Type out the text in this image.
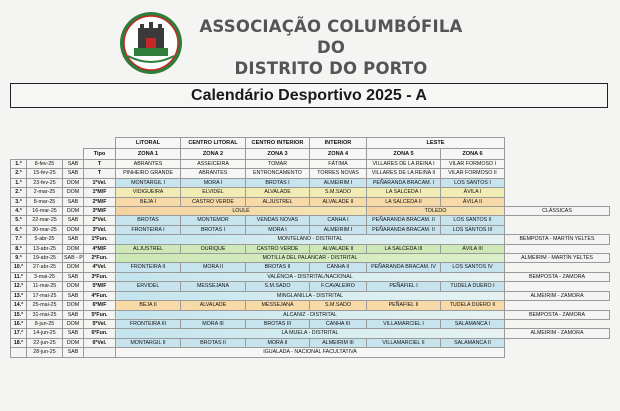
ASSOCIAÇÃO COLUMBÓFILA DO
DISTRITO DO PORTO
Calendário Desportivo 2025 - A
				LITORAL	CENTRO LITORAL	CENTRO INTERIOR	INTERIOR	LESTE		
			Tipo	ZONA 1	ZONA 2	ZONA 3	ZONA 4	ZONA 5	ZONA 6	
1.ª	8-fev-25	SAB	T	ABRANTES	ASSEICEIRA	TOMAR	FÁTIMA	VILLARES DE LA REINA I	VILAR FORMOSO I	
2.ª	15-fev-25	SAB	T	PINHEIRO GRANDE	ABRANTES	ENTRONCAMENTO	TORRES NOVAS	VILLARES DE LA REINA II	VILAR FORMOSO II	
1.ª	23-fev-25	DOM	1ºVel.	MONTARGIL I	MORA I	BROTAS I	ALMEIRIM I	PEÑARANDA BRACAM. I	LOS SANTOS I	
2.ª	2-mar-25	DOM	1ºM/F	VIDIGUEIRA	ELVIDEL	ALVALADE	S.M.SADO	LA SALCEDA I	ÁVILA I	
3.ª	8-mar-25	SAB	2ºM/F	BEJA I	CASTRO VERDE	ALJUSTREL	ALVALADE II	LA SALCEDA II	ÁVILA II	
4.ª	16-mar-25	DOM	3ºM/F	LOULÉ				TOLEDO		CLÁSSICAS
5.ª	22-mar-25	SAB	2ºVel.	BROTAS	MONTEMOR	VENDAS NOVAS	CANHA I	PEÑARANDA BRACAM. II	LOS SANTOS II	
6.ª	30-mar-25	DOM	3ºVel.	FRONTEIRA I	BROTAS I	MORA I	ALMEIRIM I	PEÑARANDA BRACAM. II	LOS SANTOS III	
7.ª	5-abr-25	SAB	1ºFun.	MONTELANO - DISTRITAL						BEMPOSTA - MARTÍN YELTES
8.ª	13-abr-25	DOM	4ºM/F	ALJUSTREL	OURIQUE	CASTRO VERDE	ALVALADE II	LA SALCEDA III	ÁVILA III	
9.ª	19-abr-25	SAB - P	2ºFun.	MOTILLA DEL PALANCAR - DISTRITAL						ALMEIRIM - MARTÍN YELTES
10.ª	27-abr-25	DOM	4ºVel.	FRONTEIRA II	MORA II	BROTAS II	CANHA II	PEÑARANDA BRACAM. IV	LOS SANTOS IV	
11.ª	3-mai-25	SAB	3ºFun.	VALÊNCIA - DISTRITAL/NACIONAL						BEMPOSTA - ZAMORA
12.ª	11-mai-25	DOM	5ºM/F	ERVIDEL	MESSEJANA	S.M.SADO	F.CAVALEIRO	PEÑAFIEL I	TUDELA DUERO I	
13.ª	17-mai-25	SAB	4ºFun.	MINGLANILLA - DISTRITAL						ALMEIRIM - ZAMORA
14.ª	25-mai-25	DOM	6ºM/F	BEJA II	ALVALADE	MESSEJANA	S.M.SADO	PEÑAFIEL II	TUDELA DUERO II	
15.ª	31-mai-25	SAB	5ºFun.	ALCANIZ - DISTRITAL						BEMPOSTA - ZAMORA
16.ª	8-jun-25	DOM	5ºVel.	FRONTEIRA III	MORA III	BROTAS III	CANHA III	VILLAMARCIEL I	SALAMANCA I	
17.ª	14-jun-25	SAB	6ºFun.	LA MUELA - DISTRITAL						ALMEIRIM - ZAMORA
18.ª	22-jun-25	DOM	6ºVel.	MONTARGIL II	BROTAS II	MORA II	ALMEIRIM III	VILLAMARCIEL II	SALAMANCA II	
	28-jun-25	SAB		IGUALADA - NACIONAL FACULTATIVA						
